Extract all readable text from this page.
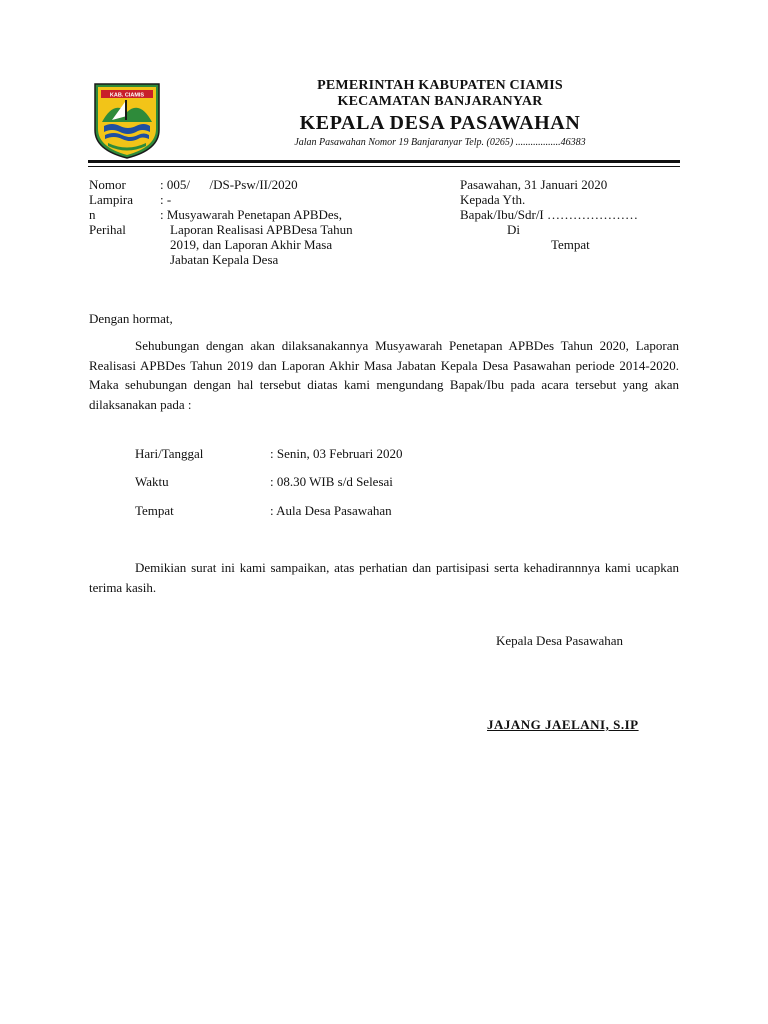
KAB. CIAMIS
PEMERINTAH KABUPATEN CIAMIS
KECAMATAN BANJARANYAR
KEPALA DESA PASAWAHAN
Jalan Pasawahan Nomor 19 Banjaranyar Telp. (0265) ..................46383
Nomor	: 005/      /DS-Psw/II/2020
Lampira : -
n	: Musyawarah Penetapan APBDes,
Perihal	Laporan Realisasi APBDesa Tahun
2019, dan Laporan Akhir Masa
Jabatan Kepala Desa
Pasawahan, 31 Januari 2020
Kepada Yth.
Bapak/Ibu/Sdr/I …………………
Di
Tempat
Dengan hormat,
Sehubungan dengan akan dilaksanakannya Musyawarah Penetapan APBDes Tahun 2020, Laporan Realisasi APBDes Tahun 2019 dan Laporan Akhir Masa Jabatan Kepala Desa Pasawahan periode 2014-2020. Maka sehubungan dengan hal tersebut diatas kami mengundang Bapak/Ibu pada acara tersebut yang akan dilaksanakan pada :
Hari/Tanggal	: Senin, 03 Februari 2020
Waktu	: 08.30 WIB s/d Selesai
Tempat	: Aula Desa Pasawahan
Demikian surat ini kami sampaikan, atas perhatian dan partisipasi serta kehadirannnya kami ucapkan terima kasih.
Kepala Desa Pasawahan
JAJANG JAELANI, S.IP
